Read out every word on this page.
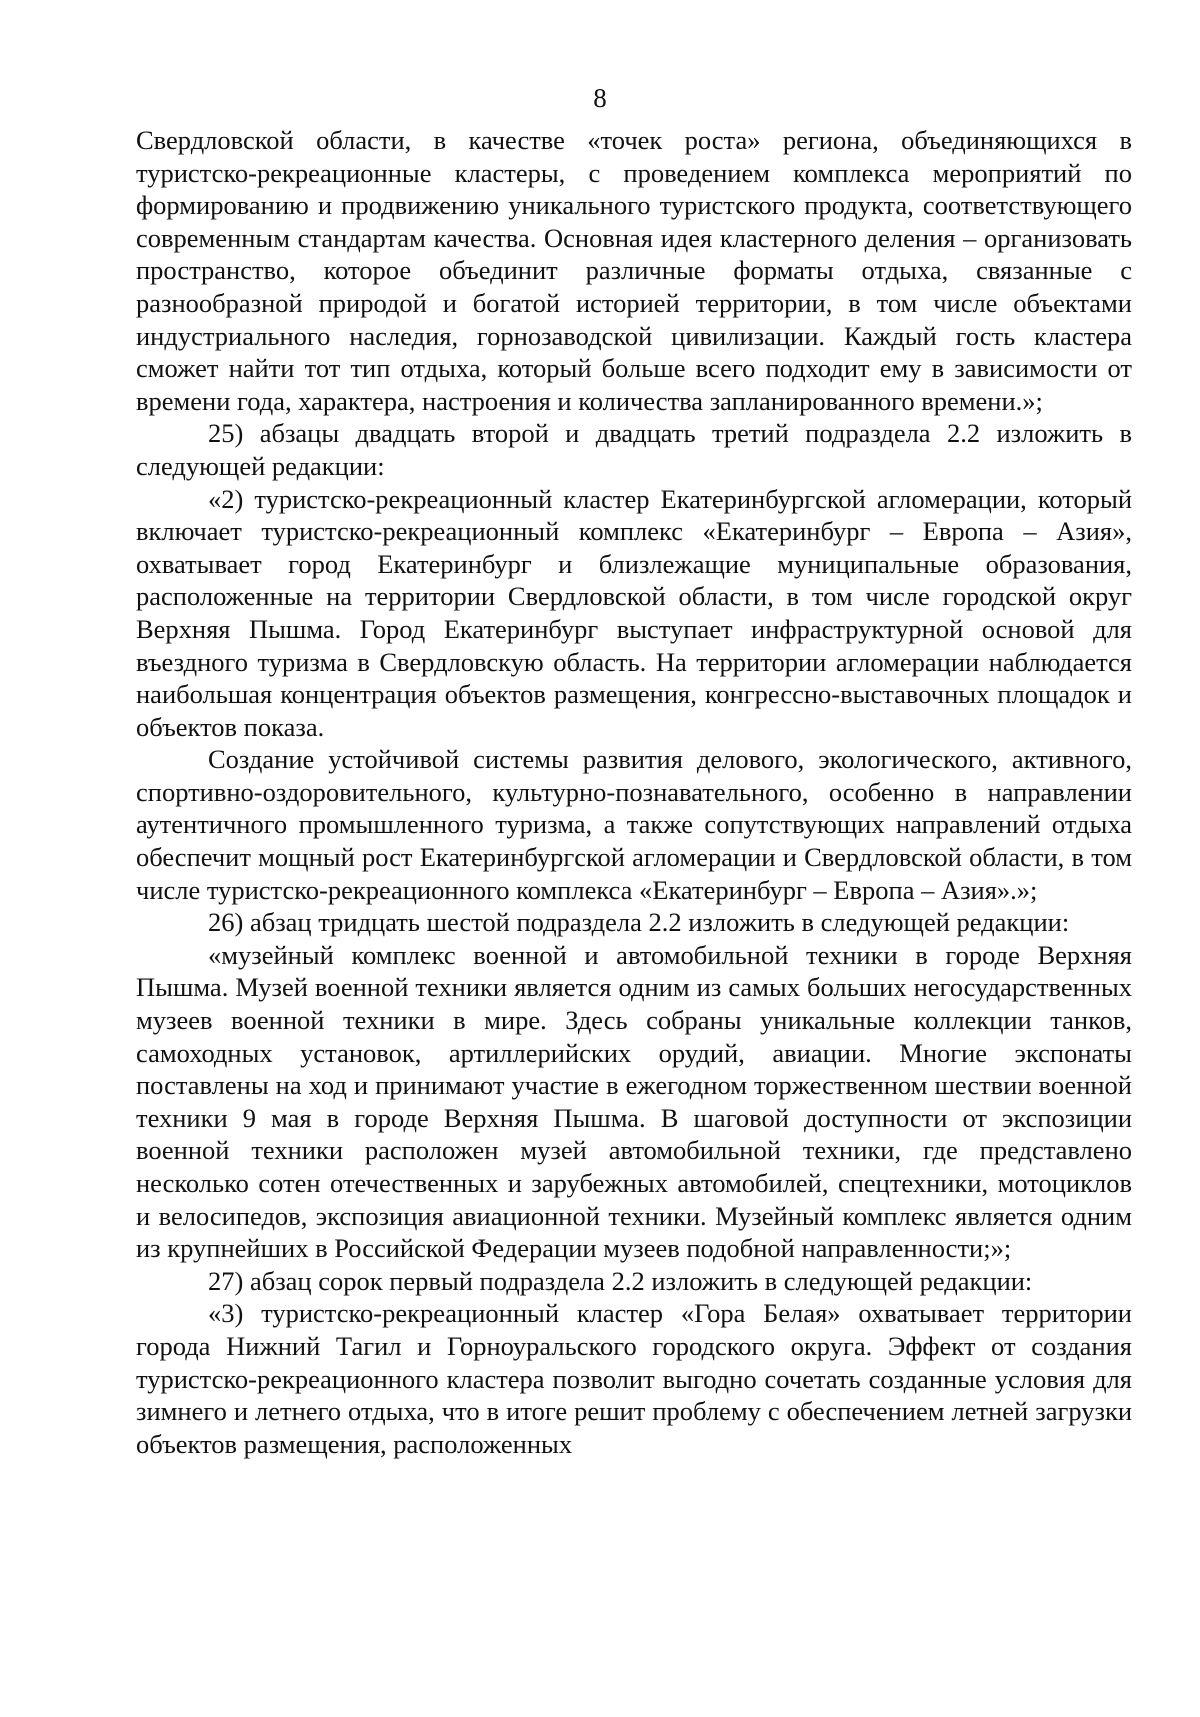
8

Свердловской области, в качестве «точек роста» региона, объединяющихся в туристско-рекреационные кластеры, с проведением комплекса мероприятий по формированию и продвижению уникального туристского продукта, соответствующего современным стандартам качества. Основная идея кластерного деления – организовать пространство, которое объединит различные форматы отдыха, связанные с разнообразной природой и богатой историей территории, в том числе объектами индустриального наследия, горнозаводской цивилизации. Каждый гость кластера сможет найти тот тип отдыха, который больше всего подходит ему в зависимости от времени года, характера, настроения и количества запланированного времени.»;

25) абзацы двадцать второй и двадцать третий подраздела 2.2 изложить в следующей редакции:

«2) туристско-рекреационный кластер Екатеринбургской агломерации, который включает туристско-рекреационный комплекс «Екатеринбург – Европа – Азия», охватывает город Екатеринбург и близлежащие муниципальные образования, расположенные на территории Свердловской области, в том числе городской округ Верхняя Пышма. Город Екатеринбург выступает инфраструктурной основой для въездного туризма в Свердловскую область. На территории агломерации наблюдается наибольшая концентрация объектов размещения, конгрессно-выставочных площадок и объектов показа.

Создание устойчивой системы развития делового, экологического, активного, спортивно-оздоровительного, культурно-познавательного, особенно в направлении аутентичного промышленного туризма, а также сопутствующих направлений отдыха обеспечит мощный рост Екатеринбургской агломерации и Свердловской области, в том числе туристско-рекреационного комплекса «Екатеринбург – Европа – Азия».»;

26) абзац тридцать шестой подраздела 2.2 изложить в следующей редакции:

«музейный комплекс военной и автомобильной техники в городе Верхняя Пышма. Музей военной техники является одним из самых больших негосударственных музеев военной техники в мире. Здесь собраны уникальные коллекции танков, самоходных установок, артиллерийских орудий, авиации. Многие экспонаты поставлены на ход и принимают участие в ежегодном торжественном шествии военной техники 9 мая в городе Верхняя Пышма. В шаговой доступности от экспозиции военной техники расположен музей автомобильной техники, где представлено несколько сотен отечественных и зарубежных автомобилей, спецтехники, мотоциклов и велосипедов, экспозиция авиационной техники. Музейный комплекс является одним из крупнейших в Российской Федерации музеев подобной направленности;»;

27) абзац сорок первый подраздела 2.2 изложить в следующей редакции:

«3) туристско-рекреационный кластер «Гора Белая» охватывает территории города Нижний Тагил и Горноуральского городского округа. Эффект от создания туристско-рекреационного кластера позволит выгодно сочетать созданные условия для зимнего и летнего отдыха, что в итоге решит проблему с обеспечением летней загрузки объектов размещения, расположенных
